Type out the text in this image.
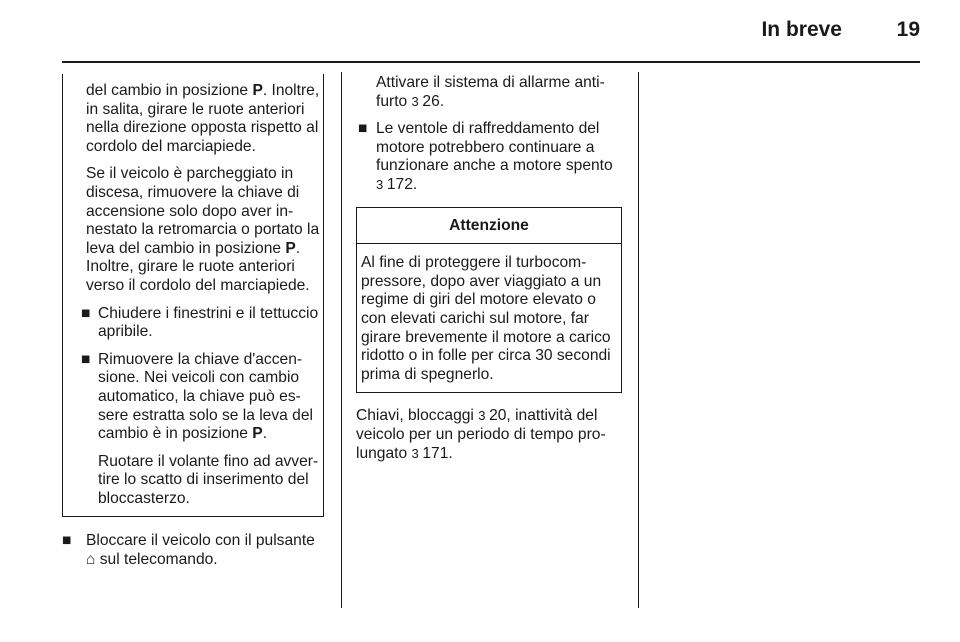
In breve	19

del cambio in posizione P. Inoltre, in salita, girare le ruote anteriori nella direzione opposta rispetto al cordolo del marciapiede.

Se il veicolo è parcheggiato in discesa, rimuovere la chiave di accensione solo dopo aver innestato la retromarcia o portato la leva del cambio in posizione P. Inoltre, girare le ruote anteriori verso il cordolo del marciapiede.

■ Chiudere i finestrini e il tettuccio apribile.

■ Rimuovere la chiave d'accensione. Nei veicoli con cambio automatico, la chiave può essere estratta solo se la leva del cambio è in posizione P.

Ruotare il volante fino ad avvertire lo scatto di inserimento del bloccasterzo.

■ Bloccare il veicolo con il pulsante ⌂ sul telecomando.

Attivare il sistema di allarme antifurto 3 26.

■ Le ventole di raffreddamento del motore potrebbero continuare a funzionare anche a motore spento 3 172.

Attenzione
Al fine di proteggere il turbocompressore, dopo aver viaggiato a un regime di giri del motore elevato o con elevati carichi sul motore, far girare brevemente il motore a carico ridotto o in folle per circa 30 secondi prima di spegnerlo.

Chiavi, bloccaggi 3 20, inattività del veicolo per un periodo di tempo prolungato 3 171.
